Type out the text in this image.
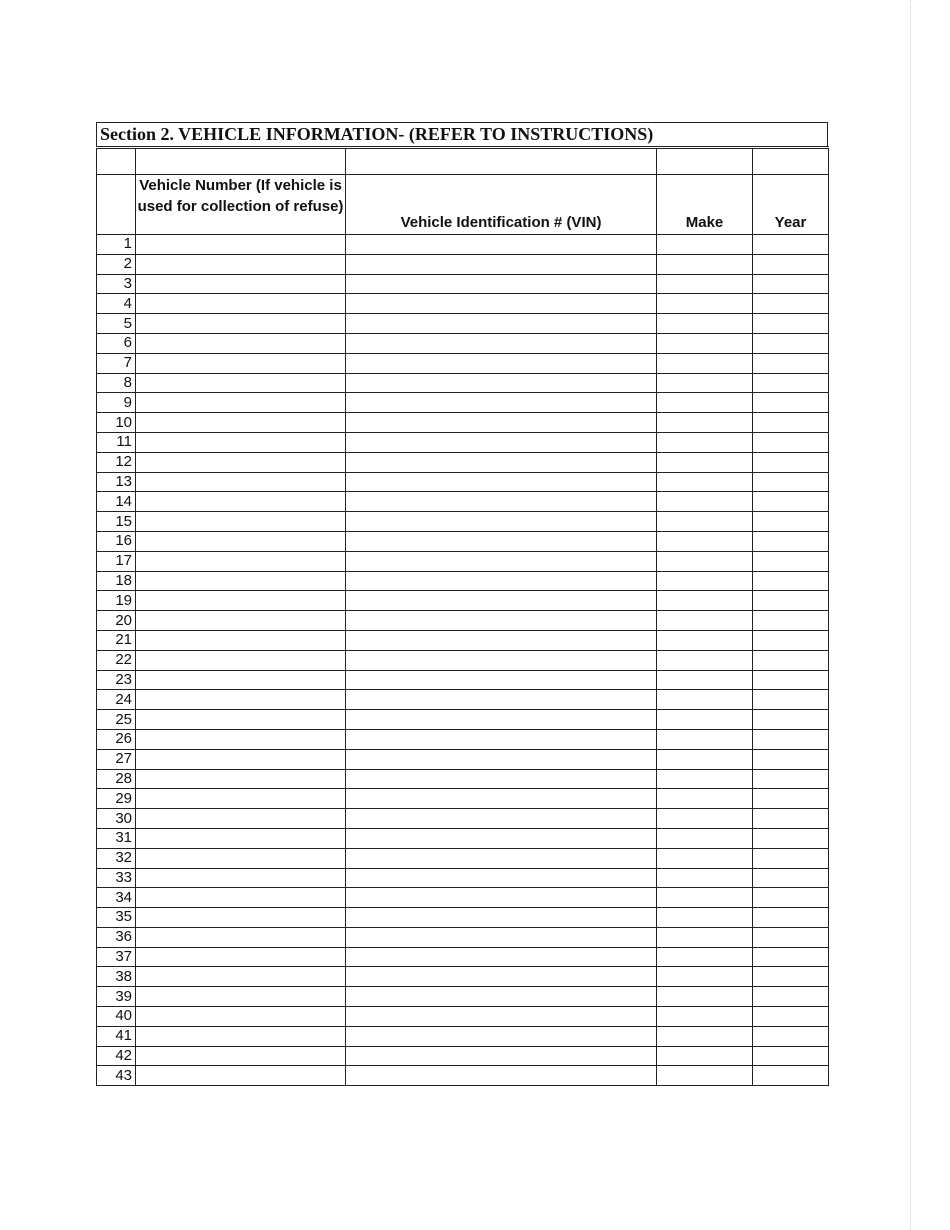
Section 2. VEHICLE INFORMATION- (REFER TO INSTRUCTIONS)

	Vehicle Number (If vehicle is used for collection of refuse)	Vehicle Identification # (VIN)	Make	Year
1				
2				
3				
4				
5				
6				
7				
8				
9				
10				
11				
12				
13				
14				
15				
16				
17				
18				
19				
20				
21				
22				
23				
24				
25				
26				
27				
28				
29				
30				
31				
32				
33				
34				
35				
36				
37				
38				
39				
40				
41				
42				
43				
